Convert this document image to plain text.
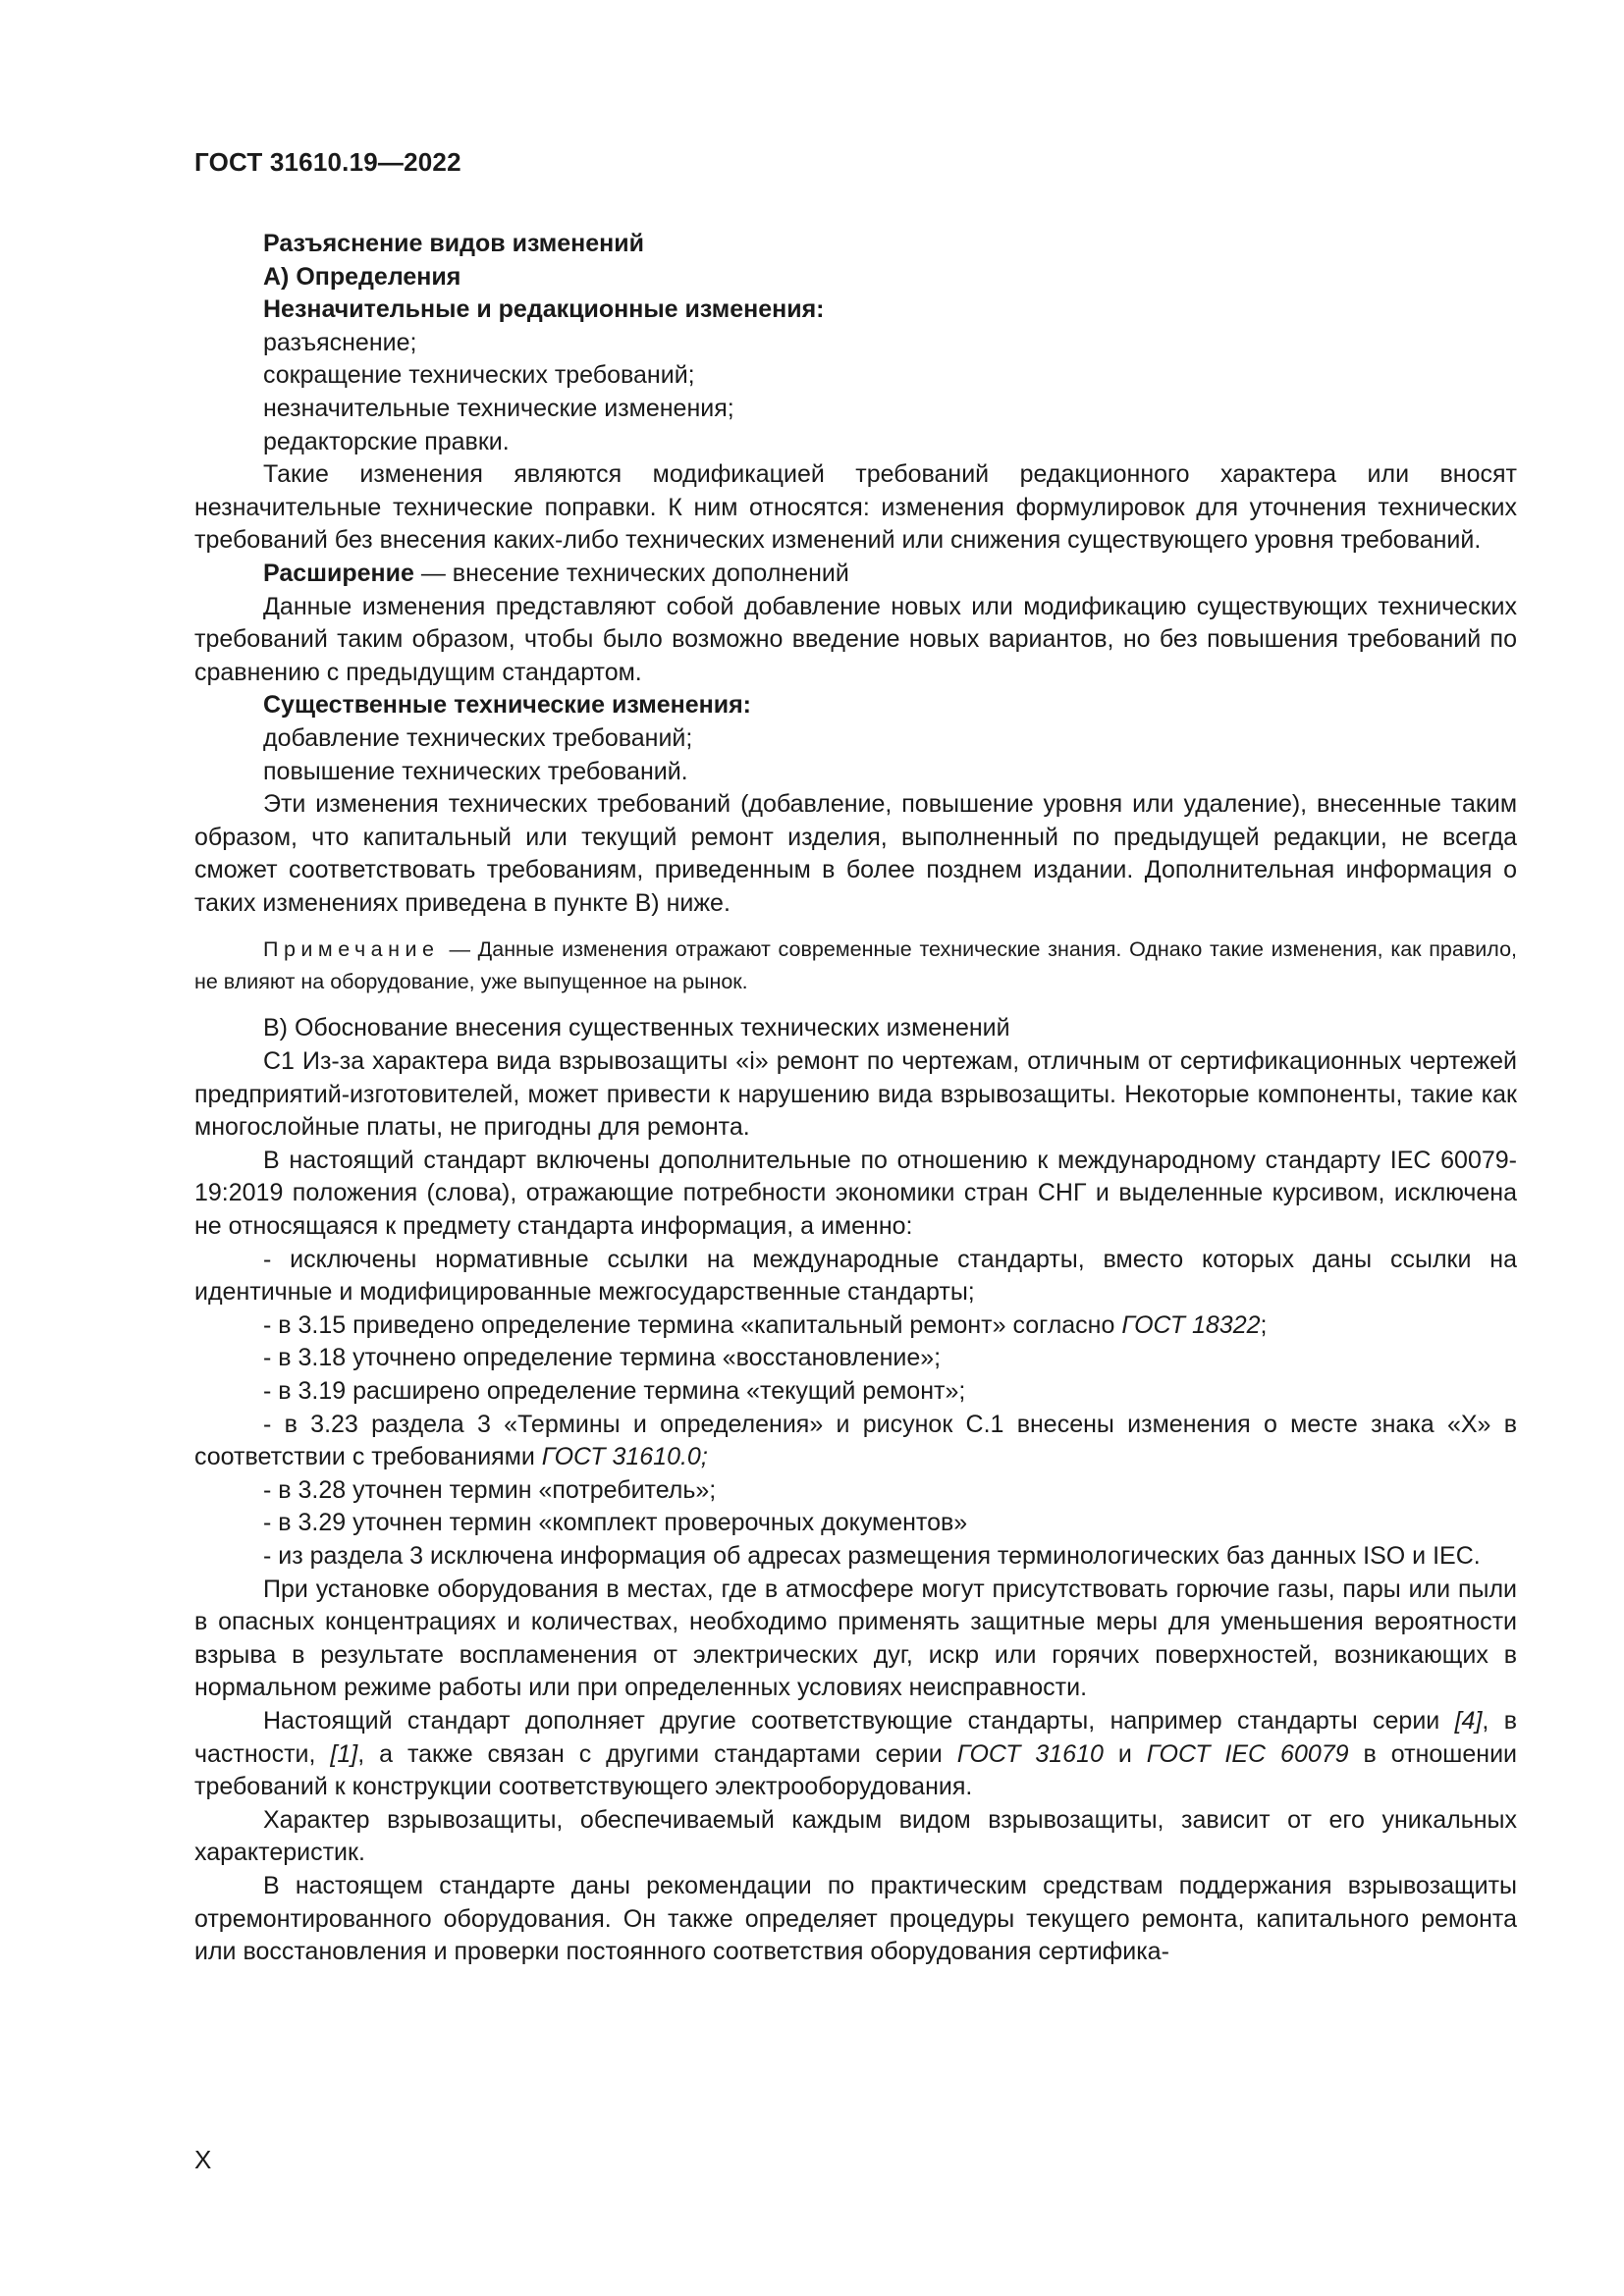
ГОСТ 31610.19—2022

Разъяснение видов изменений

А) Определения

Незначительные и редакционные изменения:

разъяснение;

сокращение технических требований;

незначительные технические изменения;

редакторские правки.

Такие изменения являются модификацией требований редакционного характера или вносят незначительные технические поправки. К ним относятся: изменения формулировок для уточнения технических требований без внесения каких-либо технических изменений или снижения существующего уровня требований.

Расширение — внесение технических дополнений

Данные изменения представляют собой добавление новых или модификацию существующих технических требований таким образом, чтобы было возможно введение новых вариантов, но без повышения требований по сравнению с предыдущим стандартом.

Существенные технические изменения:

добавление технических требований;

повышение технических требований.

Эти изменения технических требований (добавление, повышение уровня или удаление), внесенные таким образом, что капитальный или текущий ремонт изделия, выполненный по предыдущей редакции, не всегда сможет соответствовать требованиям, приведенным в более позднем издании. Дополнительная информация о таких изменениях приведена в пункте В) ниже.

Примечание — Данные изменения отражают современные технические знания. Однако такие изменения, как правило, не влияют на оборудование, уже выпущенное на рынок.

В) Обоснование внесения существенных технических изменений

С1 Из-за характера вида взрывозащиты «i» ремонт по чертежам, отличным от сертификационных чертежей предприятий-изготовителей, может привести к нарушению вида взрывозащиты. Некоторые компоненты, такие как многослойные платы, не пригодны для ремонта.

В настоящий стандарт включены дополнительные по отношению к международному стандарту IEC 60079-19:2019 положения (слова), отражающие потребности экономики стран СНГ и выделенные курсивом, исключена не относящаяся к предмету стандарта информация, а именно:

- исключены нормативные ссылки на международные стандарты, вместо которых даны ссылки на идентичные и модифицированные межгосударственные стандарты;

- в 3.15 приведено определение термина «капитальный ремонт» согласно ГОСТ 18322;

- в 3.18 уточнено определение термина «восстановление»;

- в 3.19 расширено определение термина «текущий ремонт»;

- в 3.23 раздела 3 «Термины и определения» и рисунок С.1 внесены изменения о месте знака «Х» в соответствии с требованиями ГОСТ 31610.0;

- в 3.28 уточнен термин «потребитель»;

- в 3.29 уточнен термин «комплект проверочных документов»

- из раздела 3 исключена информация об адресах размещения терминологических баз данных ISO и IEC.

При установке оборудования в местах, где в атмосфере могут присутствовать горючие газы, пары или пыли в опасных концентрациях и количествах, необходимо применять защитные меры для уменьшения вероятности взрыва в результате воспламенения от электрических дуг, искр или горячих поверхностей, возникающих в нормальном режиме работы или при определенных условиях неисправности.

Настоящий стандарт дополняет другие соответствующие стандарты, например стандарты серии [4], в частности, [1], а также связан с другими стандартами серии ГОСТ 31610 и ГОСТ IEC 60079 в отношении требований к конструкции соответствующего электрооборудования.

Характер взрывозащиты, обеспечиваемый каждым видом взрывозащиты, зависит от его уникальных характеристик.

В настоящем стандарте даны рекомендации по практическим средствам поддержания взрывозащиты отремонтированного оборудования. Он также определяет процедуры текущего ремонта, капитального ремонта или восстановления и проверки постоянного соответствия оборудования сертифика-

X
